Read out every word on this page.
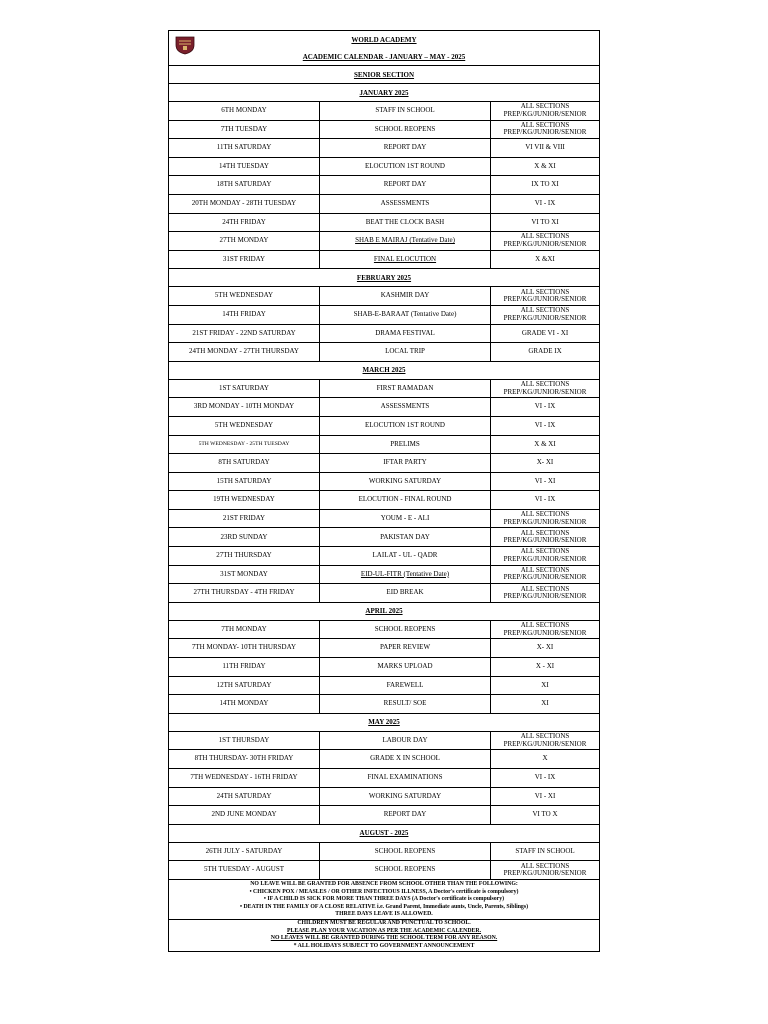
WORLD ACADEMY
ACADEMIC CALENDAR - JANUARY – MAY - 2025
SENIOR SECTION
JANUARY 2025
6TH MONDAY	STAFF IN SCHOOL	ALL SECTIONS PREP/KG/JUNIOR/SENIOR
7TH TUESDAY	SCHOOL REOPENS	ALL SECTIONS PREP/KG/JUNIOR/SENIOR
11TH SATURDAY	REPORT DAY	VI VII & VIII
14TH TUESDAY	ELOCUTION 1ST ROUND	X & XI
18TH SATURDAY	REPORT DAY	IX TO XI
20TH MONDAY - 28TH TUESDAY	ASSESSMENTS	VI - IX
24TH FRIDAY	BEAT THE CLOCK BASH	VI TO XI
27TH MONDAY	SHAB E MAIRAJ (Tentative Date)	ALL SECTIONS PREP/KG/JUNIOR/SENIOR
31ST FRIDAY	FINAL ELOCUTION	X &XI
FEBRUARY 2025
5TH WEDNESDAY	KASHMIR DAY	ALL SECTIONS PREP/KG/JUNIOR/SENIOR
14TH FRIDAY	SHAB-E-BARAAT (Tentative Date)	ALL SECTIONS PREP/KG/JUNIOR/SENIOR
21ST FRIDAY - 22ND SATURDAY	DRAMA FESTIVAL	GRADE VI - XI
24TH MONDAY - 27TH THURSDAY	LOCAL TRIP	GRADE IX
MARCH 2025
1ST SATURDAY	FIRST RAMADAN	ALL SECTIONS PREP/KG/JUNIOR/SENIOR
3RD MONDAY - 10TH MONDAY	ASSESSMENTS	VI - IX
5TH WEDNESDAY	ELOCUTION 1ST ROUND	VI - IX
5TH WEDNESDAY - 25TH TUESDAY	PRELIMS	X & XI
8TH SATURDAY	IFTAR PARTY	X- XI
15TH SATURDAY	WORKING SATURDAY	VI - XI
19TH WEDNESDAY	ELOCUTION - FINAL ROUND	VI - IX
21ST FRIDAY	YOUM - E - ALI	ALL SECTIONS PREP/KG/JUNIOR/SENIOR
23RD SUNDAY	PAKISTAN DAY	ALL SECTIONS PREP/KG/JUNIOR/SENIOR
27TH THURSDAY	LAILAT - UL - QADR	ALL SECTIONS PREP/KG/JUNIOR/SENIOR
31ST MONDAY	EID-UL-FITR (Tentative Date)	ALL SECTIONS PREP/KG/JUNIOR/SENIOR
27TH THURSDAY - 4TH FRIDAY	EID BREAK	ALL SECTIONS PREP/KG/JUNIOR/SENIOR
APRIL 2025
7TH MONDAY	SCHOOL REOPENS	ALL SECTIONS PREP/KG/JUNIOR/SENIOR
7TH MONDAY- 10TH THURSDAY	PAPER REVIEW	X- XI
11TH FRIDAY	MARKS UPLOAD	X - XI
12TH SATURDAY	FAREWELL	XI
14TH MONDAY	RESULT/ SOE	XI
MAY 2025
1ST THURSDAY	LABOUR DAY	ALL SECTIONS PREP/KG/JUNIOR/SENIOR
8TH THURSDAY- 30TH FRIDAY	GRADE X IN SCHOOL	X
7TH WEDNESDAY - 16TH FRIDAY	FINAL EXAMINATIONS	VI - IX
24TH SATURDAY	WORKING SATURDAY	VI - XI
2ND JUNE MONDAY	REPORT DAY	VI TO X
AUGUST - 2025
26TH JULY - SATURDAY	SCHOOL REOPENS	STAFF IN SCHOOL
5TH TUESDAY - AUGUST	SCHOOL REOPENS	ALL SECTIONS PREP/KG/JUNIOR/SENIOR
NO LEAVE WILL BE GRANTED FOR ABSENCE FROM SCHOOL OTHER THAN THE FOLLOWING:
• CHICKEN POX / MEASLES / OR OTHER INFECTIOUS ILLNESS, A Doctor's certificate is compulsory)
• IF A CHILD IS SICK FOR MORE THAN THREE DAYS (A Doctor's certificate is compulsory)
• DEATH IN THE FAMILY OF A CLOSE RELATIVE i.e. Grand Parent, Immediate aunts, Uncle, Parents, Siblings)
THREE DAYS LEAVE IS ALLOWED.
CHILDREN MUST BE REGULAR AND PUNCTUAL TO SCHOOL.
PLEASE PLAN YOUR VACATION AS PER THE ACADEMIC CALENDER.
NO LEAVES WILL BE GRANTED DURING THE SCHOOL TERM FOR ANY REASON.
* ALL HOLIDAYS SUBJECT TO GOVERNMENT ANNOUNCEMENT
